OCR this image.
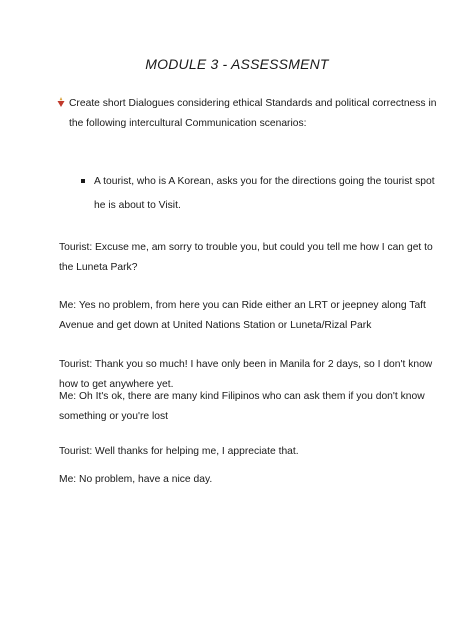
MODULE 3 - ASSESSMENT
Create short Dialogues considering ethical Standards and political correctness in the following intercultural Communication scenarios:
A tourist, who is A Korean, asks you for the directions going the tourist spot he is about to Visit.
Tourist: Excuse me, am sorry to trouble you, but could you tell me how I can get to the Luneta Park?
Me: Yes no problem, from here you can Ride either an LRT or jeepney along Taft Avenue and get down at United Nations Station or Luneta/Rizal Park
Tourist: Thank you so much! I have only been in Manila for 2 days, so I don't know how to get anywhere yet.
Me: Oh It's ok, there are many kind Filipinos who can ask them if you don't know something or you're lost
Tourist: Well thanks for helping me, I appreciate that.
Me: No problem, have a nice day.
